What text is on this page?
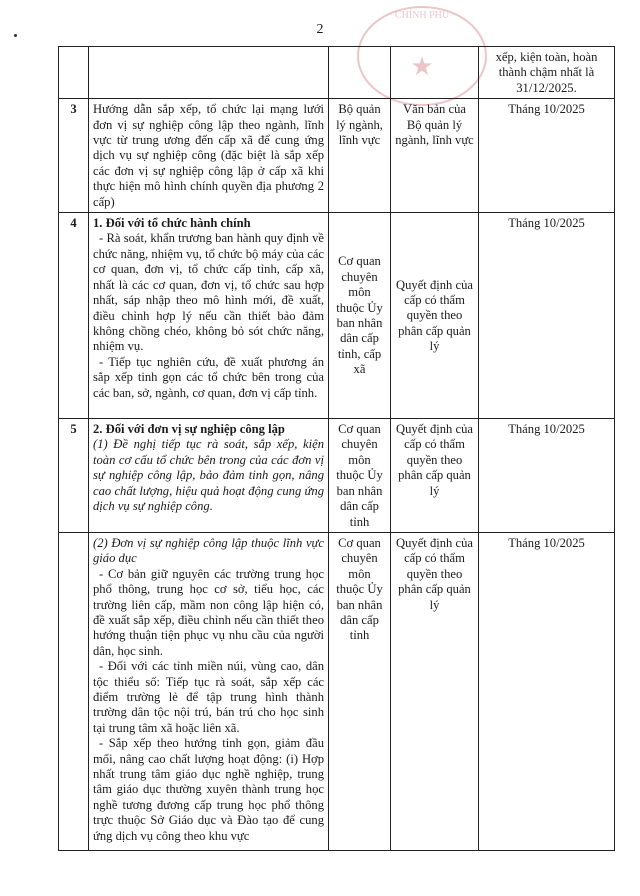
2
CHÍNH PHỦ
★
					xếp, kiện toàn, hoàn thành chậm nhất là 31/12/2025.
3	Hướng dẫn sắp xếp, tổ chức lại mạng lưới đơn vị sự nghiệp công lập theo ngành, lĩnh vực từ trung ương đến cấp xã để cung ứng dịch vụ sự nghiệp công (đặc biệt là sắp xếp các đơn vị sự nghiệp công lập ở cấp xã khi thực hiện mô hình chính quyền địa phương 2 cấp)	Bộ quản lý ngành, lĩnh vực	Văn bản của Bộ quản lý ngành, lĩnh vực	Tháng 10/2025
4	1. Đối với tổ chức hành chính
- Rà soát, khẩn trương ban hành quy định về chức năng, nhiệm vụ, tổ chức bộ máy của các cơ quan, đơn vị, tổ chức cấp tỉnh, cấp xã, nhất là các cơ quan, đơn vị, tổ chức sau hợp nhất, sáp nhập theo mô hình mới, đề xuất, điều chỉnh hợp lý nếu cần thiết bảo đảm không chồng chéo, không bỏ sót chức năng, nhiệm vụ.
- Tiếp tục nghiên cứu, đề xuất phương án sắp xếp tinh gọn các tổ chức bên trong của các ban, sở, ngành, cơ quan, đơn vị cấp tỉnh.	Cơ quan chuyên môn thuộc Ủy ban nhân dân cấp tỉnh, cấp xã	Quyết định của cấp có thẩm quyền theo phân cấp quản lý	Tháng 10/2025
5	2. Đối với đơn vị sự nghiệp công lập
(1) Đề nghị tiếp tục rà soát, sắp xếp, kiện toàn cơ cấu tổ chức bên trong của các đơn vị sự nghiệp công lập, bảo đảm tinh gọn, nâng cao chất lượng, hiệu quả hoạt động cung ứng dịch vụ sự nghiệp công.	Cơ quan chuyên môn thuộc Ủy ban nhân dân cấp tỉnh	Quyết định của cấp có thẩm quyền theo phân cấp quản lý	Tháng 10/2025

	(2) Đơn vị sự nghiệp công lập thuộc lĩnh vực giáo dục
- Cơ bản giữ nguyên các trường trung học phổ thông, trung học cơ sở, tiểu học, các trường liên cấp, mầm non công lập hiện có, đề xuất sắp xếp, điều chỉnh nếu cần thiết theo hướng thuận tiện phục vụ nhu cầu của người dân, học sinh.
- Đối với các tỉnh miền núi, vùng cao, dân tộc thiểu số: Tiếp tục rà soát, sắp xếp các điểm trường lẻ để tập trung hình thành trường dân tộc nội trú, bán trú cho học sinh tại trung tâm xã hoặc liên xã.
- Sắp xếp theo hướng tinh gọn, giảm đầu mối, nâng cao chất lượng hoạt động: (i) Hợp nhất trung tâm giáo dục nghề nghiệp, trung tâm giáo dục thường xuyên thành trung học nghề tương đương cấp trung học phổ thông trực thuộc Sở Giáo dục và Đào tạo để cung ứng dịch vụ công theo khu vực	Cơ quan chuyên môn thuộc Ủy ban nhân dân cấp tỉnh	Quyết định của cấp có thẩm quyền theo phân cấp quản lý	Tháng 10/2025
